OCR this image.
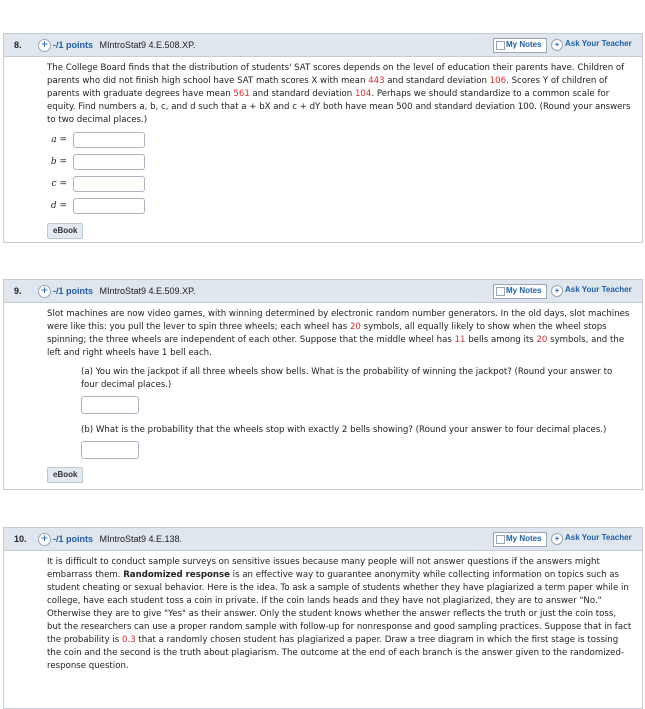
8.	+ -/1 points MIntroStat9 4.E.508.XP.	My Notes	+ Ask Your Teacher

The College Board finds that the distribution of students' SAT scores depends on the level of education their parents have. Children of parents who did not finish high school have SAT math scores X with mean 443 and standard deviation 106. Scores Y of children of parents with graduate degrees have mean 561 and standard deviation 104. Perhaps we should standardize to a common scale for equity. Find numbers a, b, c, and d such that a + bX and c + dY both have mean 500 and standard deviation 100. (Round your answers to two decimal places.)

a =
b =
c =
d =
eBook
9.	+ -/1 points MIntroStat9 4.E.509.XP.	My Notes	+ Ask Your Teacher

Slot machines are now video games, with winning determined by electronic random number generators. In the old days, slot machines were like this: you pull the lever to spin three wheels; each wheel has 20 symbols, all equally likely to show when the wheel stops spinning; the three wheels are independent of each other. Suppose that the middle wheel has 11 bells among its 20 symbols, and the left and right wheels have 1 bell each.

(a) You win the jackpot if all three wheels show bells. What is the probability of winning the jackpot? (Round your answer to four decimal places.)

(b) What is the probability that the wheels stop with exactly 2 bells showing? (Round your answer to four decimal places.)

eBook
10.	+ -/1 points MIntroStat9 4.E.138.	My Notes	+ Ask Your Teacher

It is difficult to conduct sample surveys on sensitive issues because many people will not answer questions if the answers might embarrass them. Randomized response is an effective way to guarantee anonymity while collecting information on topics such as student cheating or sexual behavior. Here is the idea. To ask a sample of students whether they have plagiarized a term paper while in college, have each student toss a coin in private. If the coin lands heads and they have not plagiarized, they are to answer "No." Otherwise they are to give "Yes" as their answer. Only the student knows whether the answer reflects the truth or just the coin toss, but the researchers can use a proper random sample with follow-up for nonresponse and good sampling practices. Suppose that in fact the probability is 0.3 that a randomly chosen student has plagiarized a paper. Draw a tree diagram in which the first stage is tossing the coin and the second is the truth about plagiarism. The outcome at the end of each branch is the answer given to the randomized-response question.
